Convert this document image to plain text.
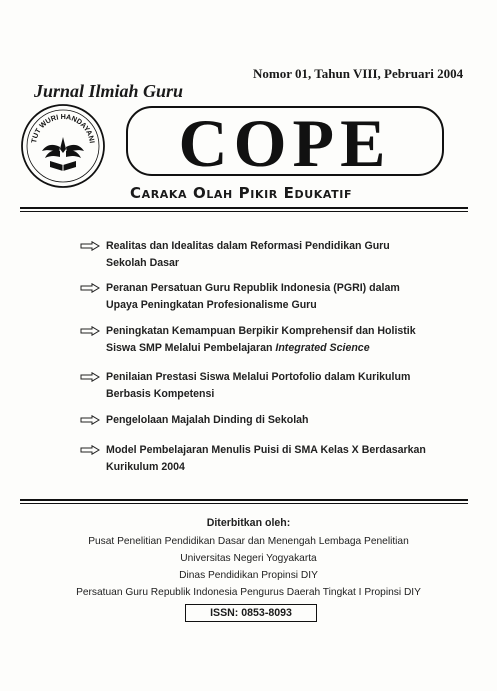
Nomor 01, Tahun VIII, Pebruari 2004
Jurnal Ilmiah Guru
TUT WURI HANDAYANI COPE
Caraka Olah Pikir Edukatif
Realitas dan Idealitas dalam Reformasi Pendidikan Guru
Sekolah Dasar
Peranan Persatuan Guru Republik Indonesia (PGRI) dalam
Upaya Peningkatan Profesionalisme Guru
Peningkatan Kemampuan Berpikir Komprehensif dan Holistik
Siswa SMP Melalui Pembelajaran Integrated Science
Penilaian Prestasi Siswa Melalui Portofolio dalam Kurikulum
Berbasis Kompetensi
Pengelolaan Majalah Dinding di Sekolah
Model Pembelajaran Menulis Puisi di SMA Kelas X Berdasarkan
Kurikulum 2004
Diterbitkan oleh:
Pusat Penelitian Pendidikan Dasar dan Menengah Lembaga Penelitian
Universitas Negeri Yogyakarta
Dinas Pendidikan Propinsi DIY
Persatuan Guru Republik Indonesia Pengurus Daerah Tingkat I Propinsi DIY
ISSN: 0853-8093
